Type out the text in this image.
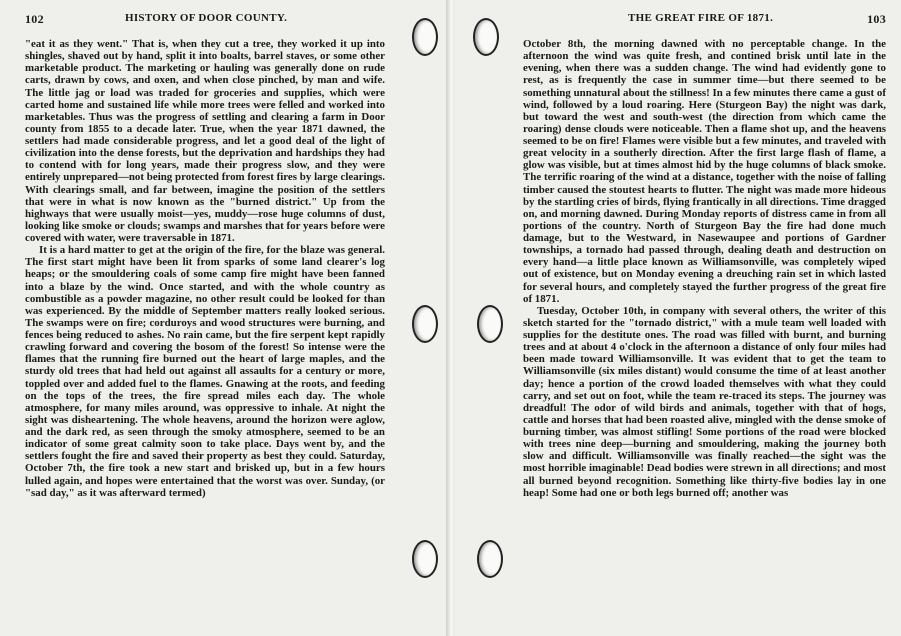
102	HISTORY OF DOOR COUNTY.

"eat it as they went." That is, when they cut a tree, they worked it up into shingles, shaved out by hand, split it into boalts, barrel staves, or some other marketable product. The marketing or hauling was generally done on rude carts, drawn by cows, and oxen, and when close pinched, by man and wife. The little jag or load was traded for groceries and supplies, which were carted home and sustained life while more trees were felled and worked into marketables. Thus was the progress of settling and clearing a farm in Door county from 1855 to a decade later. True, when the year 1871 dawned, the settlers had made considerable progress, and let a good deal of the light of civilization into the dense forests, but the deprivation and hardships they had to contend with for long years, made their progress slow, and they were entirely unprepared—not being protected from forest fires by large clearings. With clearings small, and far between, imagine the position of the settlers that were in what is now known as the "burned district." Up from the highways that were usually moist—yes, muddy—rose huge columns of dust, looking like smoke or clouds; swamps and marshes that for years before were covered with water, were traversable in 1871.

It is a hard matter to get at the origin of the fire, for the blaze was general. The first start might have been lit from sparks of some land clearer's log heaps; or the smouldering coals of some camp fire might have been fanned into a blaze by the wind. Once started, and with the whole country as combustible as a powder magazine, no other result could be looked for than was experienced. By the middle of September matters really looked serious. The swamps were on fire; corduroys and wood structures were burning, and fences being reduced to ashes. No rain came, but the fire serpent kept rapidly crawling forward and covering the bosom of the forest! So intense were the flames that the running fire burned out the heart of large maples, and the sturdy old trees that had held out against all assaults for a century or more, toppled over and added fuel to the flames. Gnawing at the roots, and feeding on the tops of the trees, the fire spread miles each day. The whole atmosphere, for many miles around, was oppressive to inhale. At night the sight was disheartening. The whole heavens, around the horizon were aglow, and the dark red, as seen through the smoky atmosphere, seemed to be an indicator of some great calmity soon to take place. Days went by, and the settlers fought the fire and saved their property as best they could. Saturday, October 7th, the fire took a new start and brisked up, but in a few hours lulled again, and hopes were entertained that the worst was over. Sunday, (or "sad day," as it was afterward termed)

THE GREAT FIRE OF 1871.	103

October 8th, the morning dawned with no perceptable change. In the afternoon the wind was quite fresh, and contined brisk until late in the evening, when there was a sudden change. The wind had evidently gone to rest, as is frequently the case in summer time—but there seemed to be something unnatural about the stillness! In a few minutes there came a gust of wind, followed by a loud roaring. Here (Sturgeon Bay) the night was dark, but toward the west and south-west (the direction from which came the roaring) dense clouds were noticeable. Then a flame shot up, and the heavens seemed to be on fire! Flames were visible but a few minutes, and traveled with great velocity in a southerly direction. After the first large flash of flame, a glow was visible, but at times almost hid by the huge columns of black smoke. The terrific roaring of the wind at a distance, together with the noise of falling timber caused the stoutest hearts to flutter. The night was made more hideous by the startling cries of birds, flying frantically in all directions. Time dragged on, and morning dawned. During Monday reports of distress came in from all portions of the country. North of Sturgeon Bay the fire had done much damage, but to the Westward, in Nasewaupee and portions of Gardner townships, a tornado had passed through, dealing death and destruction on every hand—a little place known as Williamsonville, was completely wiped out of existence, but on Monday evening a dreuching rain set in which lasted for several hours, and completely stayed the further progress of the great fire of 1871.

Tuesday, October 10th, in company with several others, the writer of this sketch started for the "tornado district," with a mule team well loaded with supplies for the destitute ones. The road was filled with burnt, and burning trees and at about 4 o'clock in the afternoon a distance of only four miles had been made toward Williamsonville. It was evident that to get the team to Williamsonville (six miles distant) would consume the time of at least another day; hence a portion of the crowd loaded themselves with what they could carry, and set out on foot, while the team re-traced its steps. The journey was dreadful! The odor of wild birds and animals, together with that of hogs, cattle and horses that had been roasted alive, mingled with the dense smoke of burning timber, was almost stifling! Some portions of the road were blocked with trees nine deep—burning and smouldering, making the journey both slow and difficult. Williamsonville was finally reached—the sight was the most horrible imaginable! Dead bodies were strewn in all directions; and most all burned beyond recognition. Something like thirty-five bodies lay in one heap! Some had one or both legs burned off; another was
